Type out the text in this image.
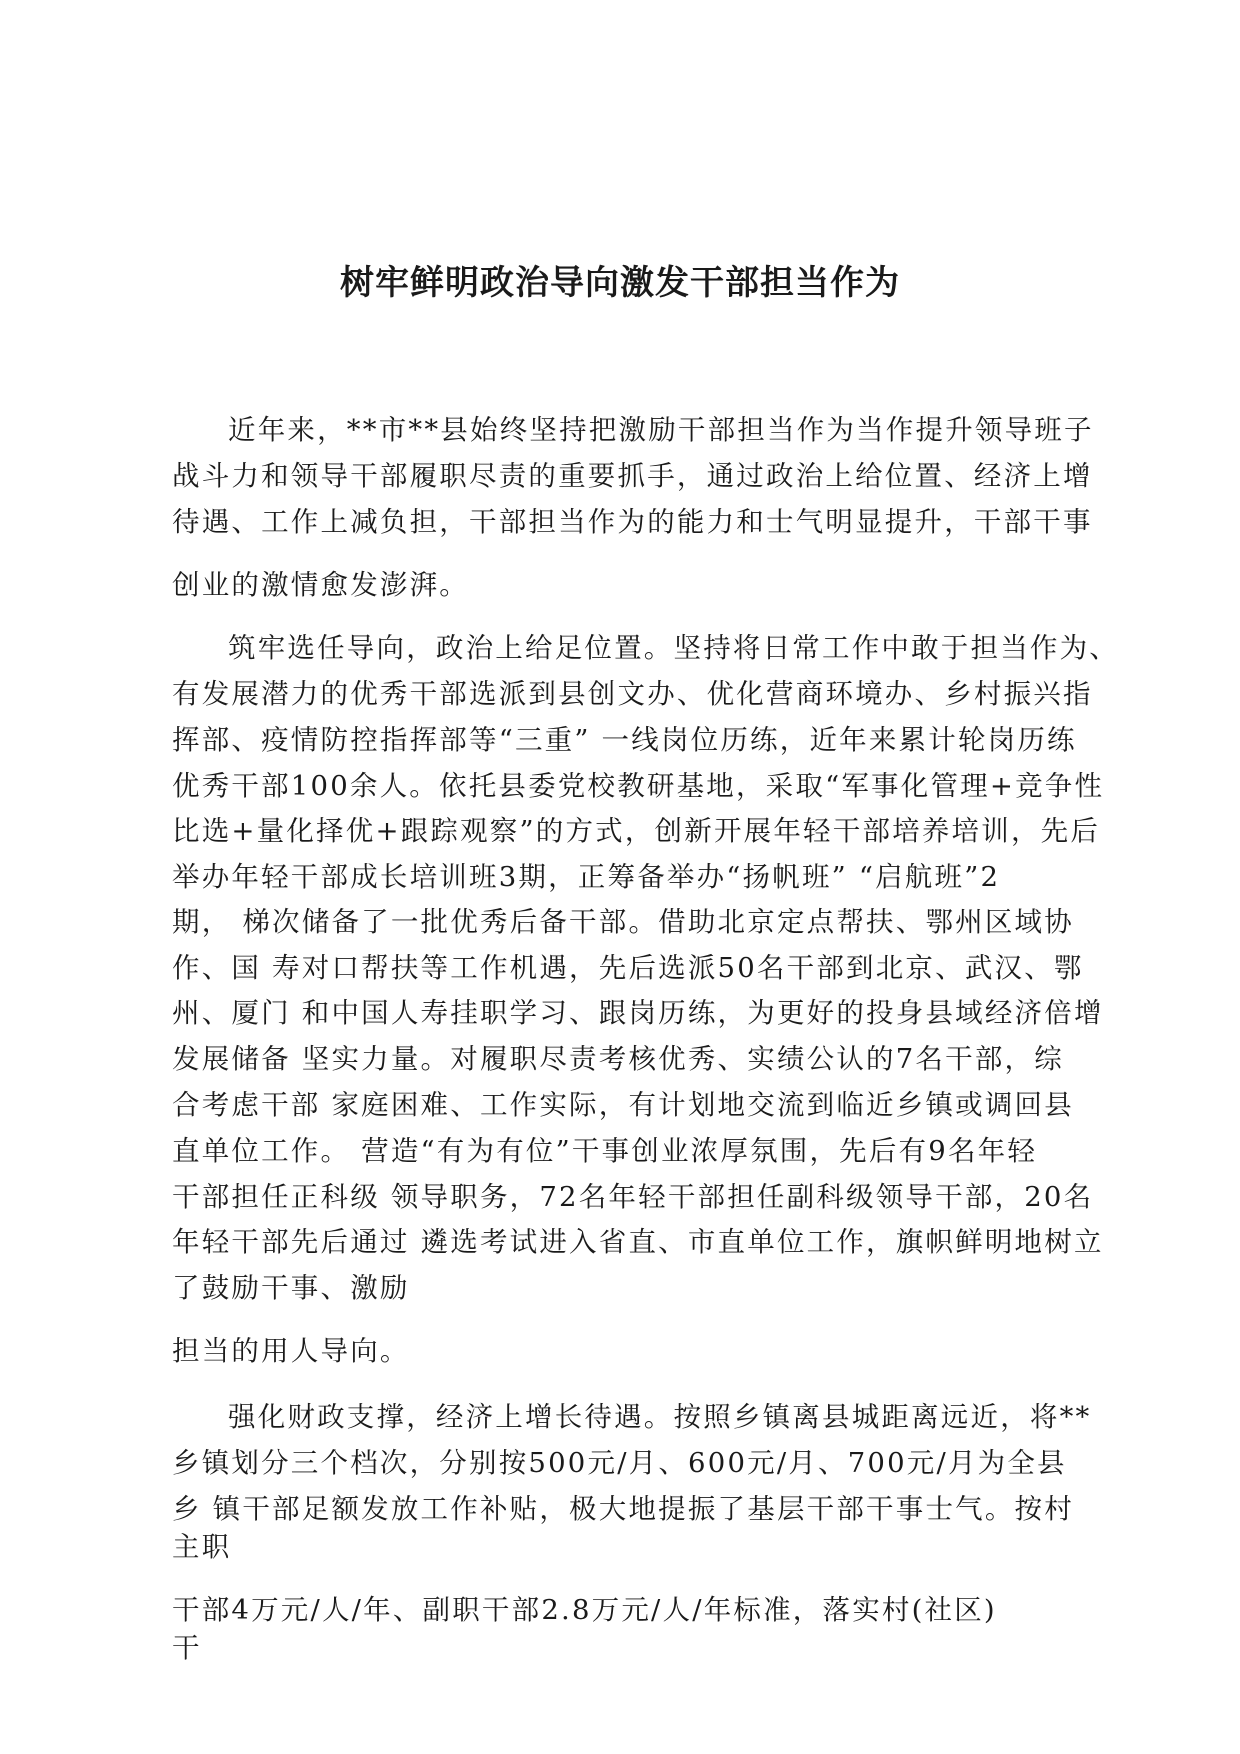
树牢鲜明政治导向激发干部担当作为

近年来，**市**县始终坚持把激励干部担当作为当作提升领导班子

战斗力和领导干部履职尽责的重要抓手，通过政治上给位置、经济上增

待遇、工作上减负担，干部担当作为的能力和士气明显提升，干部干事

创业的激情愈发澎湃。

筑牢选任导向，政治上给足位置。坚持将日常工作中敢于担当作为、

有发展潜力的优秀干部选派到县创文办、优化营商环境办、乡村振兴指

挥部、疫情防控指挥部等“三重” 一线岗位历练，近年来累计轮岗历练

优秀干部100余人。依托县委党校教研基地，采取“军事化管理+竞争性

比选+量化择优+跟踪观察”的方式，创新开展年轻干部培养培训，先后

举办年轻干部成长培训班3期，正筹备举办“扬帆班” “启航班”2

期， 梯次储备了一批优秀后备干部。借助北京定点帮扶、鄂州区域协

作、国 寿对口帮扶等工作机遇，先后选派50名干部到北京、武汉、鄂

州、厦门 和中国人寿挂职学习、跟岗历练，为更好的投身县域经济倍增

发展储备 坚实力量。对履职尽责考核优秀、实绩公认的7名干部，综

合考虑干部 家庭困难、工作实际，有计划地交流到临近乡镇或调回县

直单位工作。 营造“有为有位”干事创业浓厚氛围，先后有9名年轻

干部担任正科级 领导职务，72名年轻干部担任副科级领导干部，20名

年轻干部先后通过 遴选考试进入省直、市直单位工作，旗帜鲜明地树立

了鼓励干事、激励

担当的用人导向。

强化财政支撑，经济上增长待遇。按照乡镇离县城距离远近，将**

乡镇划分三个档次，分别按500元/月、600元/月、700元/月为全县

乡 镇干部足额发放工作补贴，极大地提振了基层干部干事士气。按村

主职

干部4万元/人/年、副职干部2.8万元/人/年标准，落实村(社区)

干
